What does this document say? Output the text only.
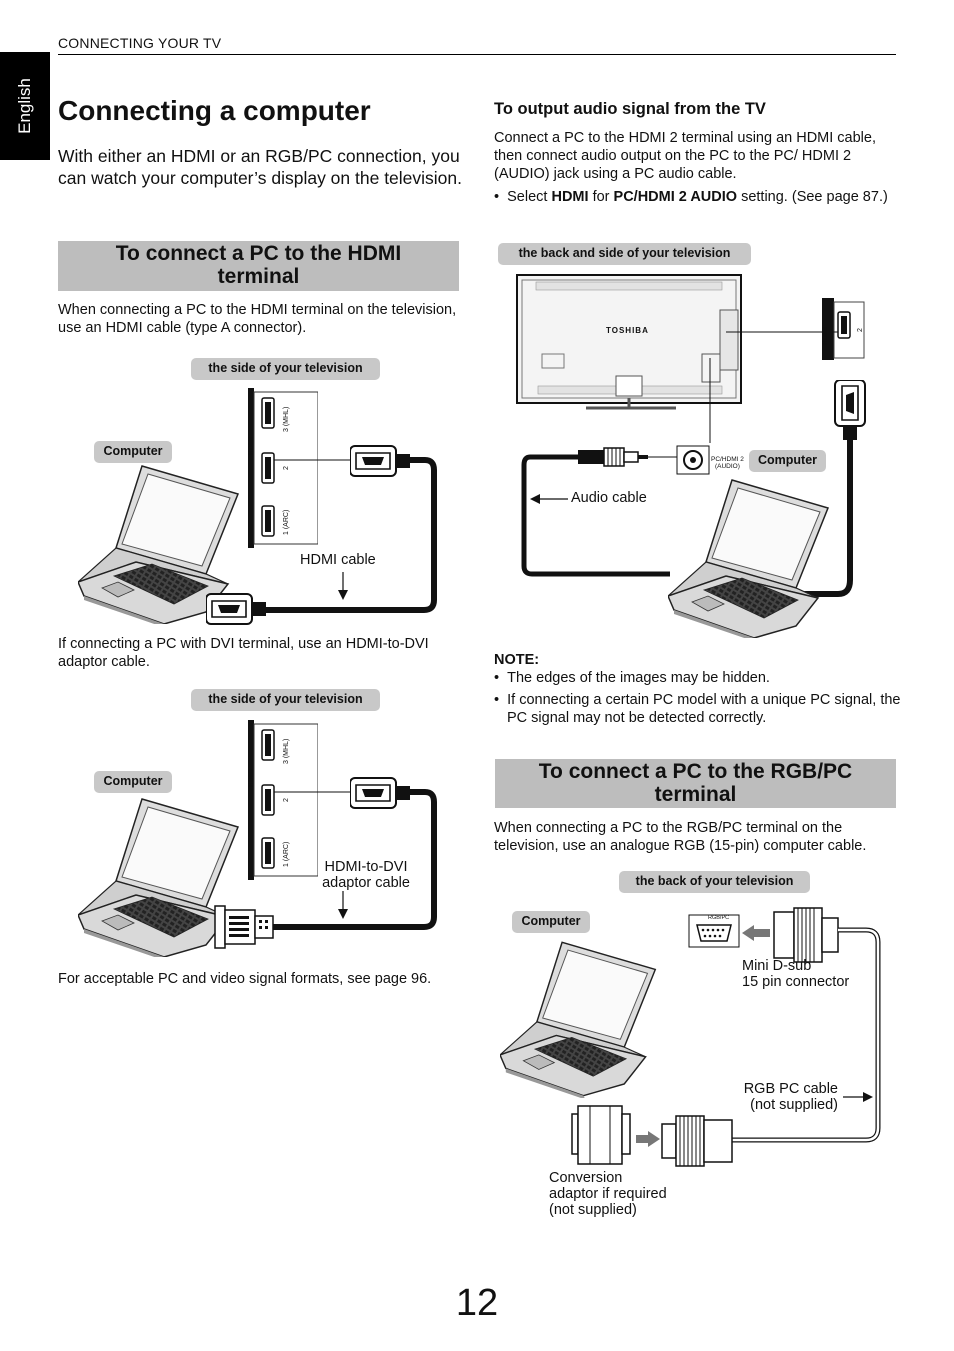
English
CONNECTING YOUR TV
Connecting a computer
With either an HDMI or an RGB/PC connection, you can watch your computer’s display on the television.
To connect a PC to the HDMI
terminal
When connecting a PC to the HDMI terminal on the television, use an HDMI cable (type A connector).
the side of your television
Computer	HDMI
3 (MHL)
2
1 (ARC)
HDMI cable
If connecting a PC with DVI terminal, use an HDMI-to-DVI adaptor cable.
the side of your television
Computer	HDMI
3 (MHL)
2
1 (ARC)	HDMI-to-DVI
adaptor cable
For acceptable PC and video signal formats, see page 96.
To output audio signal from the TV
Connect a PC to the HDMI 2 terminal using an HDMI cable, then connect audio output on the PC to the PC/ HDMI 2 (AUDIO) jack using a PC audio cable.
•  Select HDMI for PC/HDMI 2 AUDIO setting. (See page 87.)
the back and side of your television
TOSHIBA	HDMI	2
PC/HDMI 2
(AUDIO)	Computer
Audio cable
NOTE:
•  The edges of the images may be hidden.
•  If connecting a certain PC model with a unique PC signal, the PC signal may not be detected correctly.
To connect a PC to the RGB/PC
terminal
When connecting a PC to the RGB/PC terminal on the television, use an analogue RGB (15-pin) computer cable.
the back of your television
Computer	RGB/PC
Mini D-sub
15 pin connector
RGB PC cable
(not supplied)
Conversion
adaptor if required
(not supplied)
12
